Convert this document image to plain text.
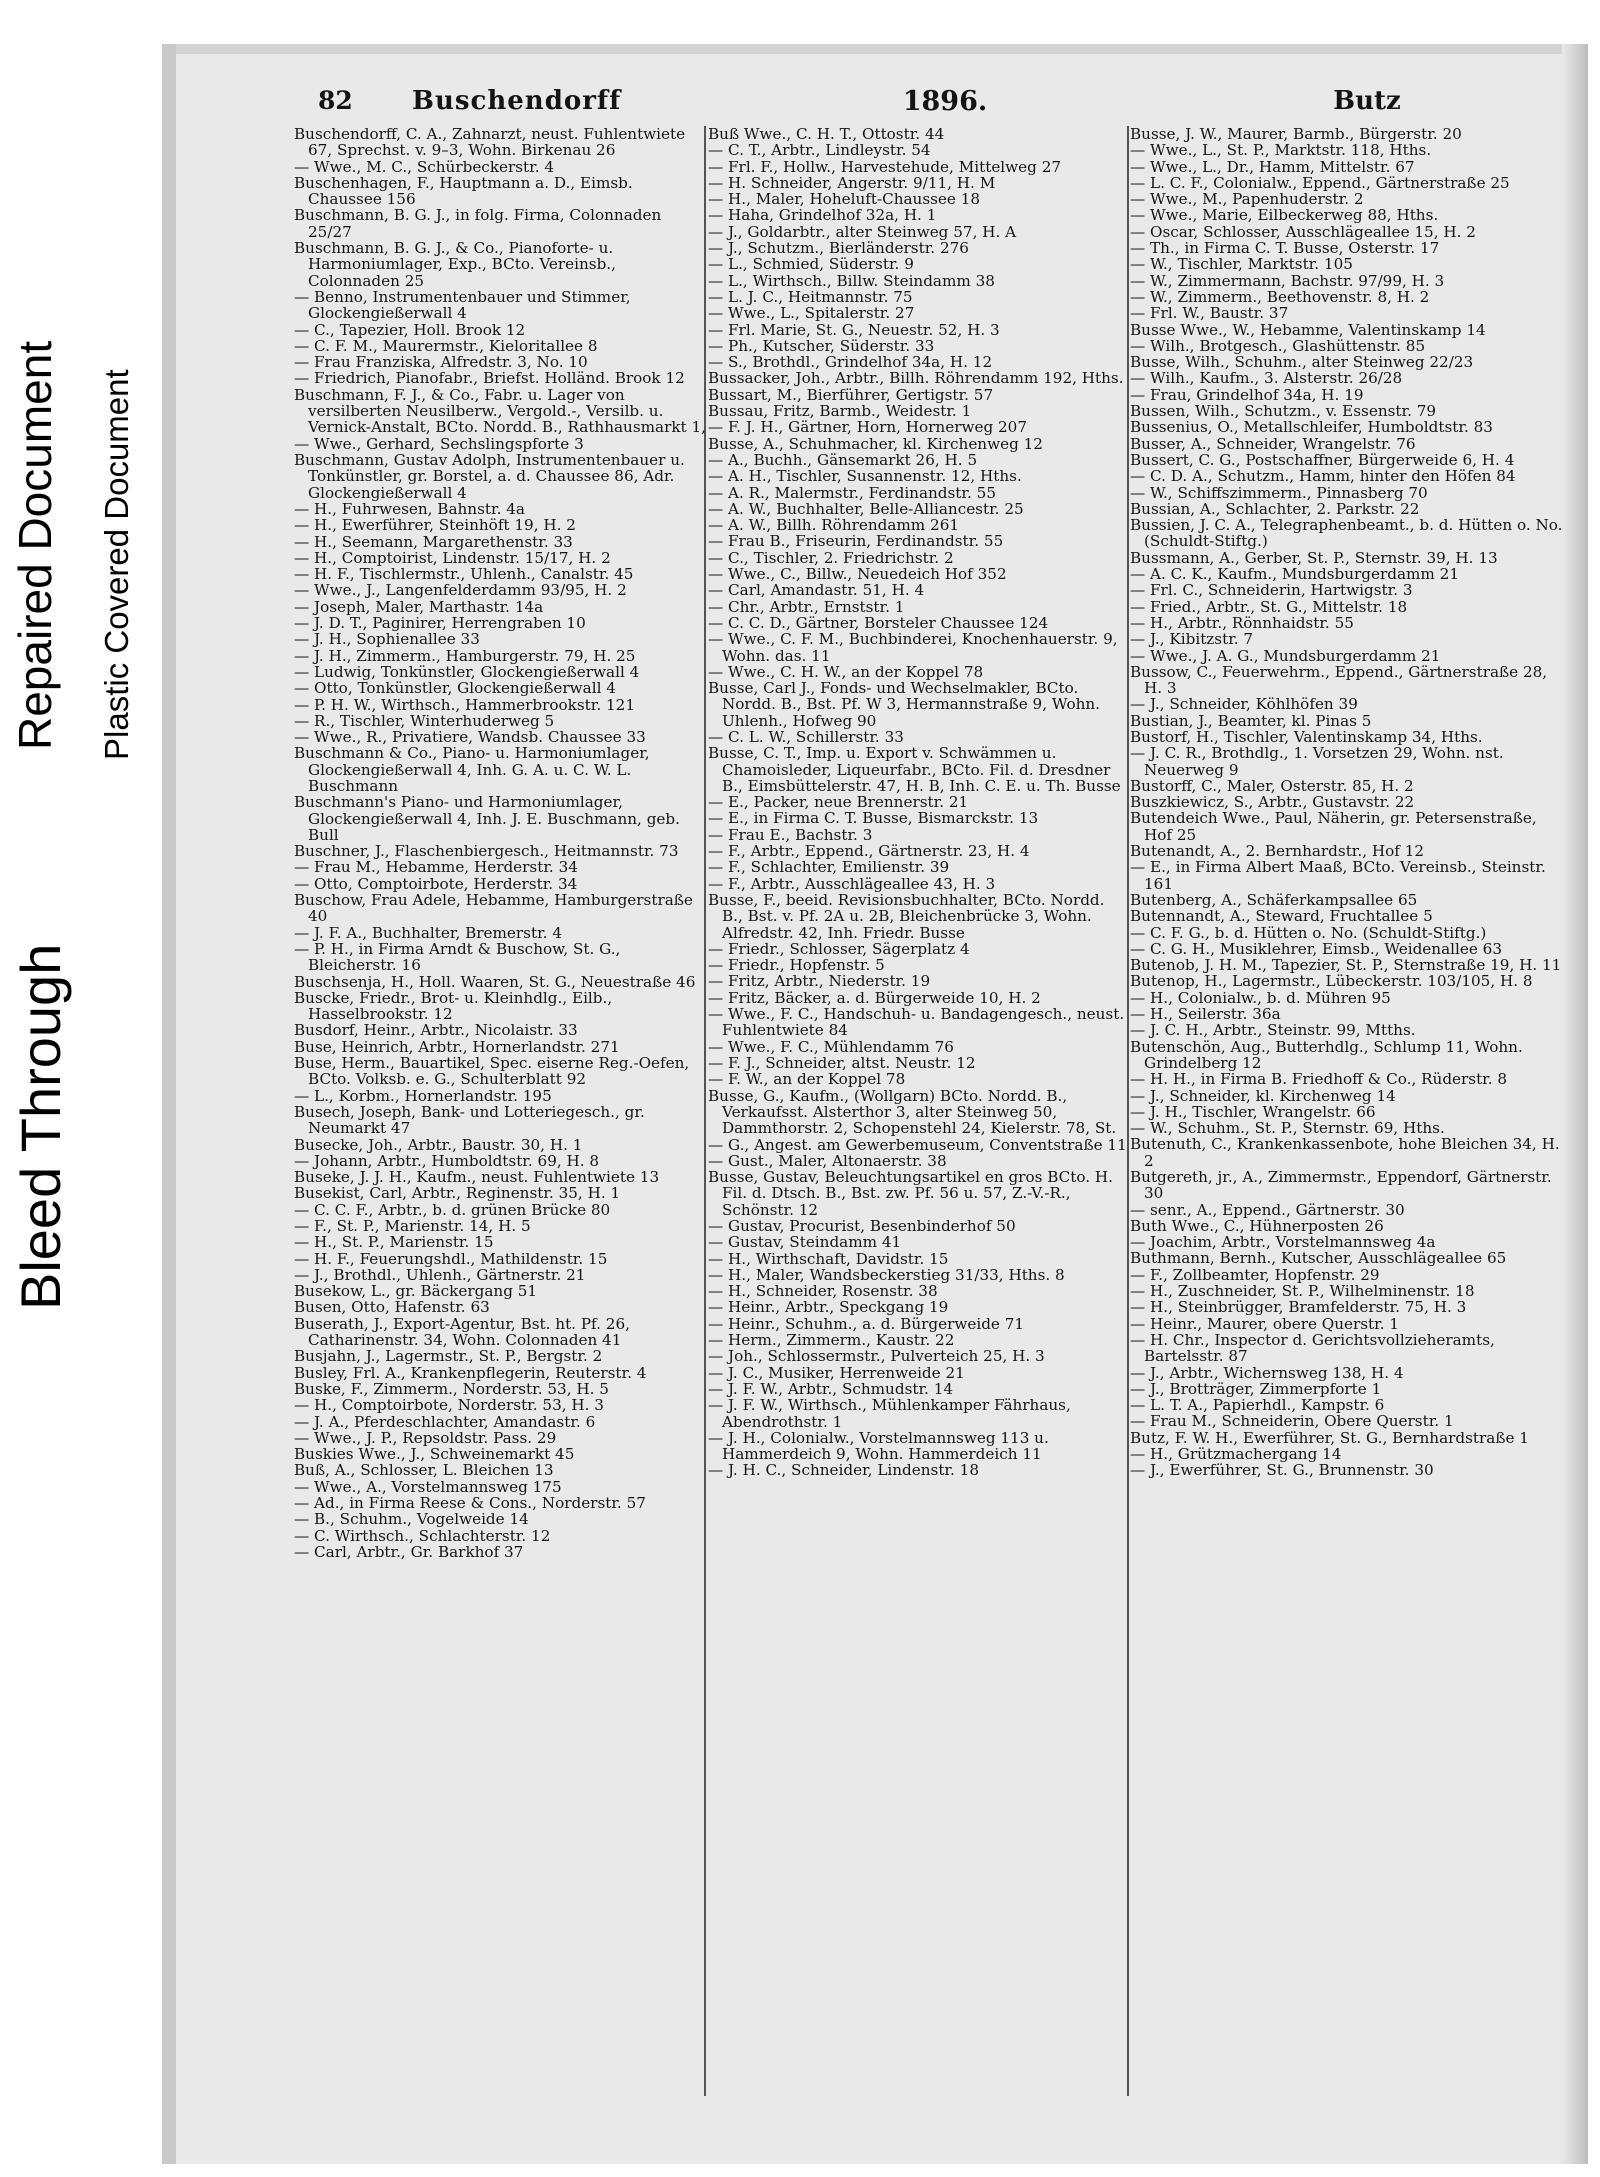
Bleed Through
Repaired Document Plastic Covered Document
82 Buschendorff	1896.	Butz
Buschendorff, C. A., Zahnarzt, neust. Fuhlentwiete 67, Sprechst. v. 9–3, Wohn. Birkenau 26
— Wwe., M. C., Schürbeckerstr. 4
Buschenhagen, F., Hauptmann a. D., Eimsb. Chaussee 156
Buschmann, B. G. J., in folg. Firma, Colonnaden 25/27
Buschmann, B. G. J., & Co., Pianoforte- u. Harmoniumlager, Exp., BCto. Vereinsb., Colonnaden 25
— Benno, Instrumentenbauer und Stimmer, Glockengießerwall 4
— C., Tapezier, Holl. Brook 12
— C. F. M., Maurermstr., Kieloritallee 8
— Frau Franziska, Alfredstr. 3, No. 10
— Friedrich, Pianofabr., Briefst. Holländ. Brook 12
Buschmann, F. J., & Co., Fabr. u. Lager von versilberten Neusilberw., Vergold.-, Versilb. u. Vernick-Anstalt, BCto. Nordd. B., Rathhausmarkt 1,
— Wwe., Gerhard, Sechslingspforte 3
Buschmann, Gustav Adolph, Instrumentenbauer u. Tonkünstler, gr. Borstel, a. d. Chaussee 86, Adr. Glockengießerwall 4
— H., Fuhrwesen, Bahnstr. 4a
— H., Ewerführer, Steinhöft 19, H. 2
— H., Seemann, Margarethenstr. 33
— H., Comptoirist, Lindenstr. 15/17, H. 2
— H. F., Tischlermstr., Uhlenh., Canalstr. 45
— Wwe., J., Langenfelderdamm 93/95, H. 2
— Joseph, Maler, Marthastr. 14a
— J. D. T., Paginirer, Herrengraben 10
— J. H., Sophienallee 33
— J. H., Zimmerm., Hamburgerstr. 79, H. 25
— Ludwig, Tonkünstler, Glockengießerwall 4
— Otto, Tonkünstler, Glockengießerwall 4
— P. H. W., Wirthsch., Hammerbrookstr. 121
— R., Tischler, Winterhuderweg 5
— Wwe., R., Privatiere, Wandsb. Chaussee 33
Buschmann & Co., Piano- u. Harmoniumlager, Glockengießerwall 4, Inh. G. A. u. C. W. L. Buschmann
Buschmann's Piano- und Harmoniumlager, Glockengießerwall 4, Inh. J. E. Buschmann, geb. Bull
Buschner, J., Flaschenbiergesch., Heitmannstr. 73
— Frau M., Hebamme, Herderstr. 34
— Otto, Comptoirbote, Herderstr. 34
Buschow, Frau Adele, Hebamme, Hamburgerstraße 40
— J. F. A., Buchhalter, Bremerstr. 4
— P. H., in Firma Arndt & Buschow, St. G., Bleicherstr. 16
Buschsenja, H., Holl. Waaren, St. G., Neuestraße 46
Buscke, Friedr., Brot- u. Kleinhdlg., Eilb., Hasselbrookstr. 12
Busdorf, Heinr., Arbtr., Nicolaistr. 33
Buse, Heinrich, Arbtr., Hornerlandstr. 271
Buse, Herm., Bauartikel, Spec. eiserne Reg.-Oefen, BCto. Volksb. e. G., Schulterblatt 92
— L., Korbm., Hornerlandstr. 195
Busech, Joseph, Bank- und Lotteriegesch., gr. Neumarkt 47
Busecke, Joh., Arbtr., Baustr. 30, H. 1
— Johann, Arbtr., Humboldtstr. 69, H. 8
Buseke, J. J. H., Kaufm., neust. Fuhlentwiete 13
Busekist, Carl, Arbtr., Reginenstr. 35, H. 1
— C. C. F., Arbtr., b. d. grünen Brücke 80
— F., St. P., Marienstr. 14, H. 5
— H., St. P., Marienstr. 15
— H. F., Feuerungshdl., Mathildenstr. 15
— J., Brothdl., Uhlenh., Gärtnerstr. 21
Busekow, L., gr. Bäckergang 51
Busen, Otto, Hafenstr. 63
Buserath, J., Export-Agentur, Bst. ht. Pf. 26, Catharinenstr. 34, Wohn. Colonnaden 41
Busjahn, J., Lagermstr., St. P., Bergstr. 2
Busley, Frl. A., Krankenpflegerin, Reuterstr. 4
Buske, F., Zimmerm., Norderstr. 53, H. 5
— H., Comptoirbote, Norderstr. 53, H. 3
— J. A., Pferdeschlachter, Amandastr. 6
— Wwe., J. P., Repsoldstr. Pass. 29
Buskies Wwe., J., Schweinemarkt 45
Buß, A., Schlosser, L. Bleichen 13
— Wwe., A., Vorstelmannsweg 175
— Ad., in Firma Reese & Cons., Norderstr. 57
— B., Schuhm., Vogelweide 14
— C. Wirthsch., Schlachterstr. 12
— Carl, Arbtr., Gr. Barkhof 37
Buß Wwe., C. H. T., Ottostr. 44
— C. T., Arbtr., Lindleystr. 54
— Frl. F., Hollw., Harvestehude, Mittelweg 27
— H. Schneider, Angerstr. 9/11, H. M
— H., Maler, Hoheluft-Chaussee 18
— Haha, Grindelhof 32a, H. 1
— J., Goldarbtr., alter Steinweg 57, H. A
— J., Schutzm., Bierländerstr. 276
— L., Schmied, Süderstr. 9
— L., Wirthsch., Billw. Steindamm 38
— L. J. C., Heitmannstr. 75
— Wwe., L., Spitalerstr. 27
— Frl. Marie, St. G., Neuestr. 52, H. 3
— Ph., Kutscher, Süderstr. 33
— S., Brothdl., Grindelhof 34a, H. 12
Bussacker, Joh., Arbtr., Billh. Röhrendamm 192, Hths.
Bussart, M., Bierführer, Gertigstr. 57
Bussau, Fritz, Barmb., Weidestr. 1
— F. J. H., Gärtner, Horn, Hornerweg 207
Busse, A., Schuhmacher, kl. Kirchenweg 12
— A., Buchh., Gänsemarkt 26, H. 5
— A. H., Tischler, Susannenstr. 12, Hths.
— A. R., Malermstr., Ferdinandstr. 55
— A. W., Buchhalter, Belle-Alliancestr. 25
— A. W., Billh. Röhrendamm 261
— Frau B., Friseurin, Ferdinandstr. 55
— C., Tischler, 2. Friedrichstr. 2
— Wwe., C., Billw., Neuedeich Hof 352
— Carl, Amandastr. 51, H. 4
— Chr., Arbtr., Ernststr. 1
— C. C. D., Gärtner, Borsteler Chaussee 124
— Wwe., C. F. M., Buchbinderei, Knochenhauerstr. 9, Wohn. das. 11
— Wwe., C. H. W., an der Koppel 78
Busse, Carl J., Fonds- und Wechselmakler, BCto. Nordd. B., Bst. Pf. W 3, Hermannstraße 9, Wohn. Uhlenh., Hofweg 90
— C. L. W., Schillerstr. 33
Busse, C. T., Imp. u. Export v. Schwämmen u. Chamoisleder, Liqueurfabr., BCto. Fil. d. Dresdner B., Eimsbüttelerstr. 47, H. B, Inh. C. E. u. Th. Busse
— E., Packer, neue Brennerstr. 21
— E., in Firma C. T. Busse, Bismarckstr. 13
— Frau E., Bachstr. 3
— F., Arbtr., Eppend., Gärtnerstr. 23, H. 4
— F., Schlachter, Emilienstr. 39
— F., Arbtr., Ausschlägeallee 43, H. 3
Busse, F., beeid. Revisionsbuchhalter, BCto. Nordd. B., Bst. v. Pf. 2A u. 2B, Bleichenbrücke 3, Wohn. Alfredstr. 42, Inh. Friedr. Busse
— Friedr., Schlosser, Sägerplatz 4
— Friedr., Hopfenstr. 5
— Fritz, Arbtr., Niederstr. 19
— Fritz, Bäcker, a. d. Bürgerweide 10, H. 2
— Wwe., F. C., Handschuh- u. Bandagengesch., neust. Fuhlentwiete 84
— Wwe., F. C., Mühlendamm 76
— F. J., Schneider, altst. Neustr. 12
— F. W., an der Koppel 78
Busse, G., Kaufm., (Wollgarn) BCto. Nordd. B., Verkaufsst. Alsterthor 3, alter Steinweg 50, Dammthorstr. 2, Schopenstehl 24, Kielerstr. 78, St.
— G., Angest. am Gewerbemuseum, Conventstraße 11
— Gust., Maler, Altonaerstr. 38
Busse, Gustav, Beleuchtungsartikel en gros BCto. H. Fil. d. Dtsch. B., Bst. zw. Pf. 56 u. 57, Z.-V.-R., Schönstr. 12
— Gustav, Procurist, Besenbinderhof 50
— Gustav, Steindamm 41
— H., Wirthschaft, Davidstr. 15
— H., Maler, Wandsbeckerstieg 31/33, Hths. 8
— H., Schneider, Rosenstr. 38
— Heinr., Arbtr., Speckgang 19
— Heinr., Schuhm., a. d. Bürgerweide 71
— Herm., Zimmerm., Kaustr. 22
— Joh., Schlossermstr., Pulverteich 25, H. 3
— J. C., Musiker, Herrenweide 21
— J. F. W., Arbtr., Schmudstr. 14
— J. F. W., Wirthsch., Mühlenkamper Fährhaus, Abendrothstr. 1
— J. H., Colonialw., Vorstelmannsweg 113 u. Hammerdeich 9, Wohn. Hammerdeich 11
— J. H. C., Schneider, Lindenstr. 18
Busse, J. W., Maurer, Barmb., Bürgerstr. 20
— Wwe., L., St. P., Marktstr. 118, Hths.
— Wwe., L., Dr., Hamm, Mittelstr. 67
— L. C. F., Colonialw., Eppend., Gärtnerstraße 25
— Wwe., M., Papenhuderstr. 2
— Wwe., Marie, Eilbeckerweg 88, Hths.
— Oscar, Schlosser, Ausschlägeallee 15, H. 2
— Th., in Firma C. T. Busse, Osterstr. 17
— W., Tischler, Marktstr. 105
— W., Zimmermann, Bachstr. 97/99, H. 3
— W., Zimmerm., Beethovenstr. 8, H. 2
— Frl. W., Baustr. 37
Busse Wwe., W., Hebamme, Valentinskamp 14
— Wilh., Brotgesch., Glashüttenstr. 85
Busse, Wilh., Schuhm., alter Steinweg 22/23
— Wilh., Kaufm., 3. Alsterstr. 26/28
— Frau, Grindelhof 34a, H. 19
Bussen, Wilh., Schutzm., v. Essenstr. 79
Bussenius, O., Metallschleifer, Humboldtstr. 83
Busser, A., Schneider, Wrangelstr. 76
Bussert, C. G., Postschaffner, Bürgerweide 6, H. 4
— C. D. A., Schutzm., Hamm, hinter den Höfen 84
— W., Schiffszimmerm., Pinnasberg 70
Bussian, A., Schlachter, 2. Parkstr. 22
Bussien, J. C. A., Telegraphenbeamt., b. d. Hütten o. No. (Schuldt-Stiftg.)
Bussmann, A., Gerber, St. P., Sternstr. 39, H. 13
— A. C. K., Kaufm., Mundsburgerdamm 21
— Frl. C., Schneiderin, Hartwigstr. 3
— Fried., Arbtr., St. G., Mittelstr. 18
— H., Arbtr., Rönnhaidstr. 55
— J., Kibitzstr. 7
— Wwe., J. A. G., Mundsburgerdamm 21
Bussow, C., Feuerwehrm., Eppend., Gärtnerstraße 28, H. 3
— J., Schneider, Köhlhöfen 39
Bustian, J., Beamter, kl. Pinas 5
Bustorf, H., Tischler, Valentinskamp 34, Hths.
— J. C. R., Brothdlg., 1. Vorsetzen 29, Wohn. nst. Neuerweg 9
Bustorff, C., Maler, Osterstr. 85, H. 2
Buszkiewicz, S., Arbtr., Gustavstr. 22
Butendeich Wwe., Paul, Näherin, gr. Petersenstraße, Hof 25
Butenandt, A., 2. Bernhardstr., Hof 12
— E., in Firma Albert Maaß, BCto. Vereinsb., Steinstr. 161
Butenberg, A., Schäferkampsallee 65
Butennandt, A., Steward, Fruchtallee 5
— C. F. G., b. d. Hütten o. No. (Schuldt-Stiftg.)
— C. G. H., Musiklehrer, Eimsb., Weidenallee 63
Butenob, J. H. M., Tapezier, St. P., Sternstraße 19, H. 11
Butenop, H., Lagermstr., Lübeckerstr. 103/105, H. 8
— H., Colonialw., b. d. Mühren 95
— H., Seilerstr. 36a
— J. C. H., Arbtr., Steinstr. 99, Mtths.
Butenschön, Aug., Butterhdlg., Schlump 11, Wohn. Grindelberg 12
— H. H., in Firma B. Friedhoff & Co., Rüderstr. 8
— J., Schneider, kl. Kirchenweg 14
— J. H., Tischler, Wrangelstr. 66
— W., Schuhm., St. P., Sternstr. 69, Hths.
Butenuth, C., Krankenkassenbote, hohe Bleichen 34, H. 2
Butgereth, jr., A., Zimmermstr., Eppendorf, Gärtnerstr. 30
— senr., A., Eppend., Gärtnerstr. 30
Buth Wwe., C., Hühnerposten 26
— Joachim, Arbtr., Vorstelmannsweg 4a
Buthmann, Bernh., Kutscher, Ausschlägeallee 65
— F., Zollbeamter, Hopfenstr. 29
— H., Zuschneider, St. P., Wilhelminenstr. 18
— H., Steinbrügger, Bramfelderstr. 75, H. 3
— Heinr., Maurer, obere Querstr. 1
— H. Chr., Inspector d. Gerichtsvollzieheramts, Bartelsstr. 87
— J., Arbtr., Wichernsweg 138, H. 4
— J., Brotträger, Zimmerpforte 1
— L. T. A., Papierhdl., Kampstr. 6
— Frau M., Schneiderin, Obere Querstr. 1
Butz, F. W. H., Ewerführer, St. G., Bernhardstraße 1
— H., Grützmachergang 14
— J., Ewerführer, St. G., Brunnenstr. 30
